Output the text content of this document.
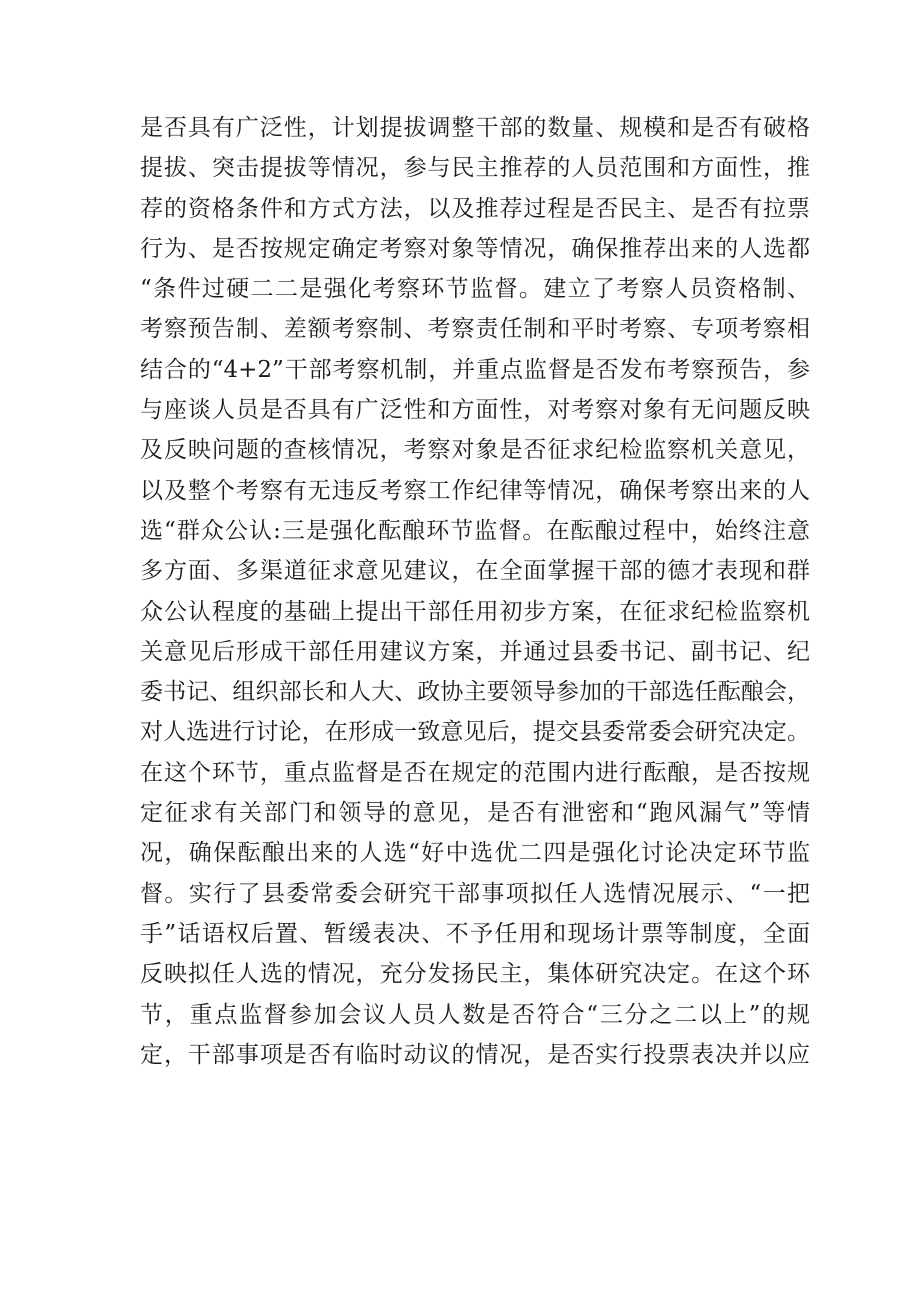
是否具有广泛性，计划提拔调整干部的数量、规模和是否有破格
提拔、突击提拔等情况，参与民主推荐的人员范围和方面性，推
荐的资格条件和方式方法，以及推荐过程是否民主、是否有拉票
行为、是否按规定确定考察对象等情况，确保推荐出来的人选都
“条件过硬二二是强化考察环节监督。建立了考察人员资格制、
考察预告制、差额考察制、考察责任制和平时考察、专项考察相
结合的“4+2”干部考察机制，并重点监督是否发布考察预告，参
与座谈人员是否具有广泛性和方面性，对考察对象有无问题反映
及反映问题的查核情况，考察对象是否征求纪检监察机关意见，
以及整个考察有无违反考察工作纪律等情况，确保考察出来的人
选“群众公认:三是强化酝酿环节监督。在酝酿过程中，始终注意
多方面、多渠道征求意见建议，在全面掌握干部的德才表现和群
众公认程度的基础上提出干部任用初步方案，在征求纪检监察机
关意见后形成干部任用建议方案，并通过县委书记、副书记、纪
委书记、组织部长和人大、政协主要领导参加的干部选任酝酿会，
对人选进行讨论，在形成一致意见后，提交县委常委会研究决定。
在这个环节，重点监督是否在规定的范围内进行酝酿，是否按规
定征求有关部门和领导的意见，是否有泄密和“跑风漏气”等情
况，确保酝酿出来的人选“好中选优二四是强化讨论决定环节监
督。实行了县委常委会研究干部事项拟任人选情况展示、“一把
手”话语权后置、暂缓表决、不予任用和现场计票等制度，全面
反映拟任人选的情况，充分发扬民主，集体研究决定。在这个环
节，重点监督参加会议人员人数是否符合“三分之二以上”的规
定，干部事项是否有临时动议的情况，是否实行投票表决并以应
